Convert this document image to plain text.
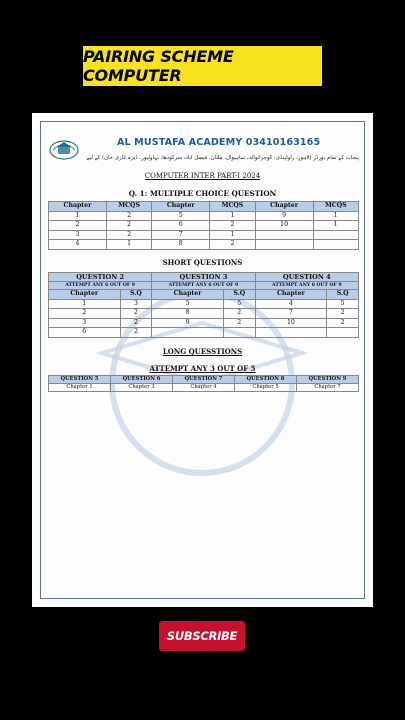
PAIRING SCHEME COMPUTER
AL MUSTAFA ACADEMY 03410163165
پنجاب کے تمام بورڈز (لاہور، راولپنڈی، گوجرانوالہ، ساہیوال، ملتان، فیصل آباد، سرگودھا، بہاولپور، ڈیرہ غازی خان) کے لیے
COMPUTER INTER PART-I 2024
Q. 1: MULTIPLE CHOICE QUESTION
Chapter	MCQS	Chapter	MCQS	Chapter	MCQS
1	2	5	1	9	1
2	2	6	2	10	1
3	2	7	1		
4	1	8	2		
SHORT QUESTIONS
QUESTION 2		QUESTION 3		QUESTION 4	
ATTEMPT ANY 6 OUT OF 9		ATTEMPT ANY 6 OUT OF 9		ATTEMPT ANY 6 OUT OF 9	
Chapter	S.Q	Chapter	S.Q	Chapter	S.Q
1	3	5	5	4	5
2	2	8	2	7	2
3	2	9	2	10	2
6	2				
LONG QUESSTIONS
ATTEMPT ANY 3 OUT OF 5
QUESTION 5	QUESTION 6	QUESTION 7	QUESTION 8	QUESTION 9
Chapter 1	Chapter 3	Chapter 4	Chapter 5	Chapter 7
SUBSCRIBE
